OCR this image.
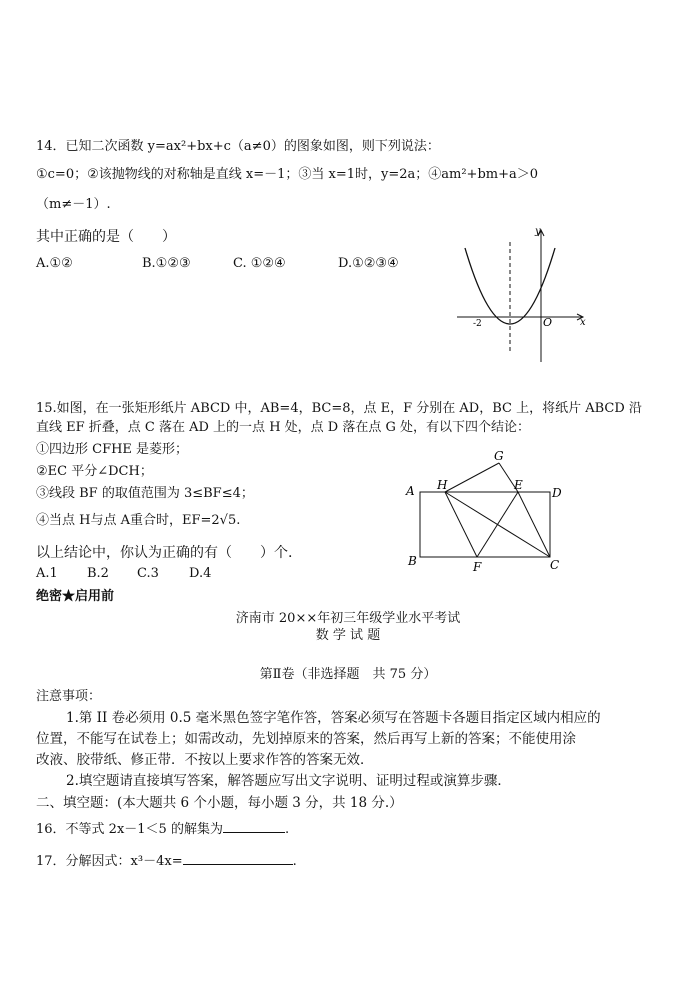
14．已知二次函数 y=ax²+bx+c（a≠0）的图象如图，则下列说法：
①c=0；②该抛物线的对称轴是直线 x=－1；③当 x=1时，y=2a；④am²+bm+a＞0
（m≠－1）.
其中正确的是（　　）
A.①②	B.①②③	C. ①②④	D.①②③④
y
x
O
-2
15.如图，在一张矩形纸片 ABCD 中，AB=4，BC=8，点 E，F 分别在 AD，BC 上，将纸片 ABCD 沿
直线 EF 折叠，点 C 落在 AD 上的一点 H 处，点 D 落在点 G 处，有以下四个结论：
①四边形 CFHE 是菱形；
②EC 平分∠DCH；
③线段 BF 的取值范围为 3≤BF≤4；
④当点 H与点 A重合时，EF=2√5.
以上结论中，你认为正确的有（　　）个.
A.1 B.2 C.3 D.4
G
A H	E
D
B	F	C
绝密★启用前
济南市 20××年初三年级学业水平考试
数 学 试 题
第Ⅱ卷（非选择题　共 75 分）
注意事项：
1.第 II 卷必须用 0.5 毫米黑色签字笔作答，答案必须写在答题卡各题目指定区域内相应的
位置，不能写在试卷上；如需改动，先划掉原来的答案，然后再写上新的答案；不能使用涂
改液、胶带纸、修正带．不按以上要求作答的答案无效．
2.填空题请直接填写答案，解答题应写出文字说明、证明过程或演算步骤．
二、填空题：(本大题共 6 个小题，每小题 3 分，共 18 分.）
16．不等式 2x－1＜5 的解集为	.
17．分解因式：x³－4x=	.
